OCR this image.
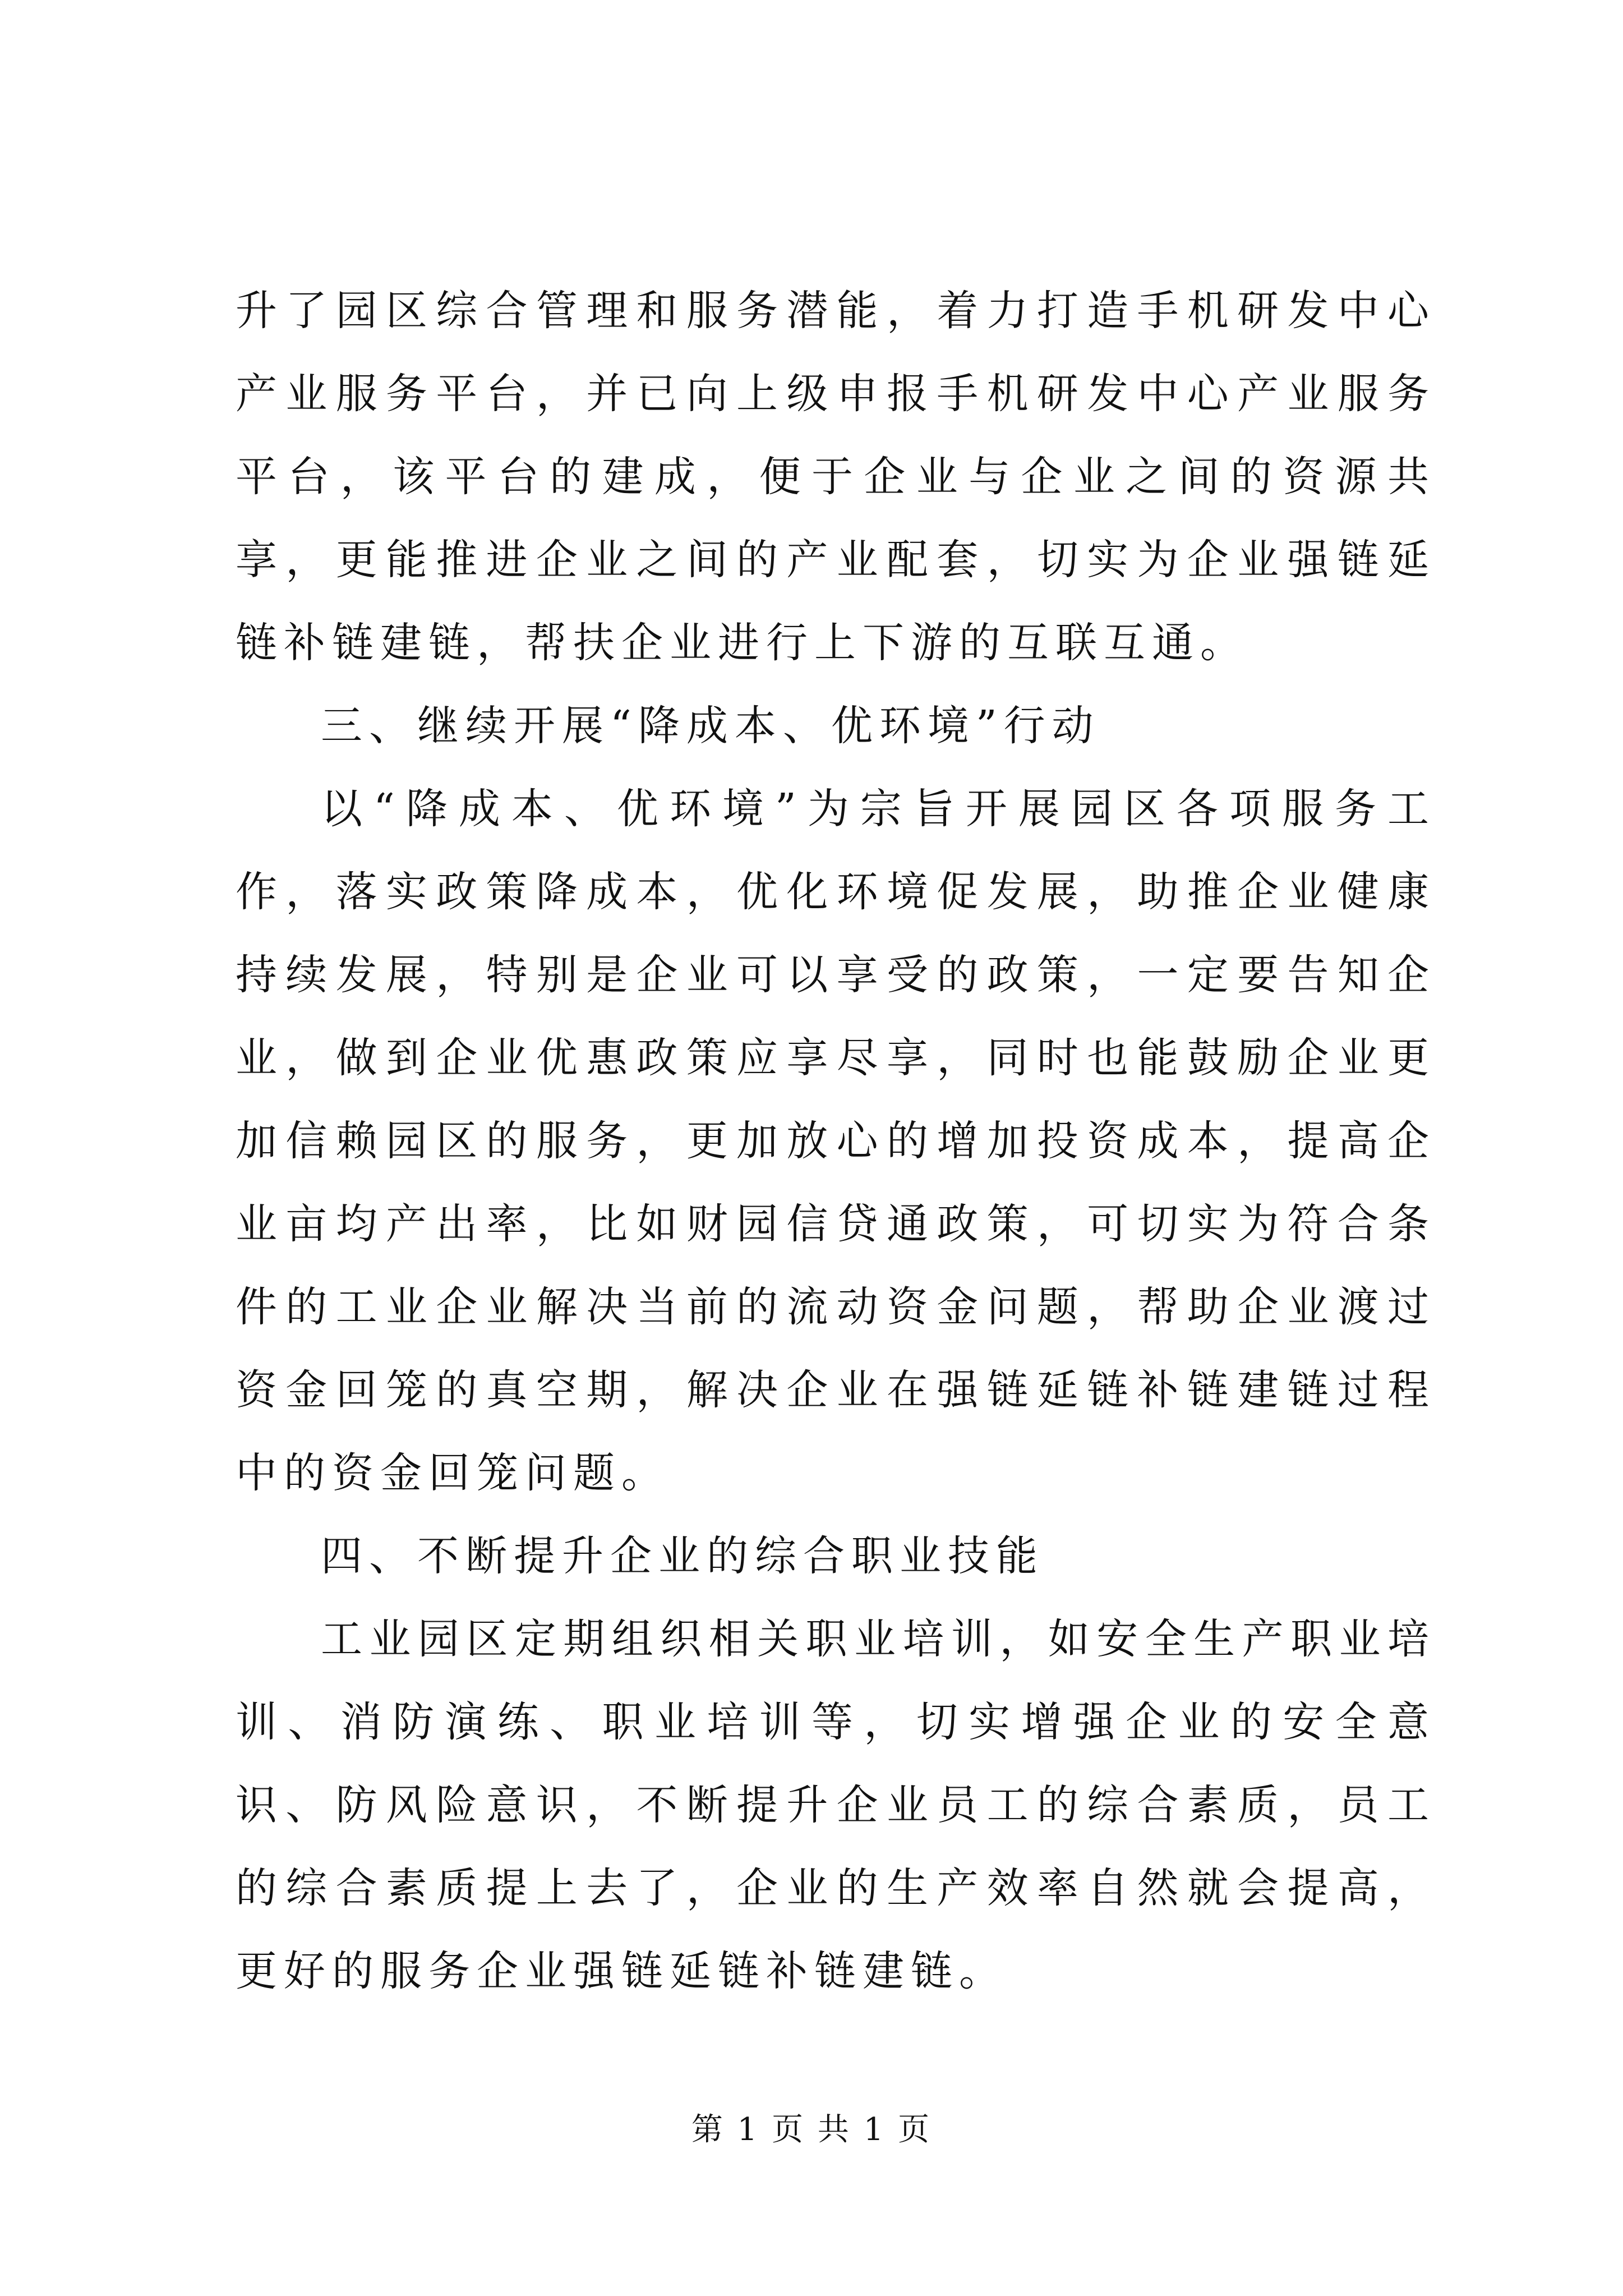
升了园区综合管理和服务潜能，着力打造手机研发中心产业服务平台，并已向上级申报手机研发中心产业服务平台，该平台的建成，便于企业与企业之间的资源共享，更能推进企业之间的产业配套，切实为企业强链延链补链建链，帮扶企业进行上下游的互联互通。

三、继续开展“降成本、优环境”行动

以“降成本、优环境”为宗旨开展园区各项服务工作，落实政策降成本，优化环境促发展，助推企业健康持续发展，特别是企业可以享受的政策，一定要告知企业，做到企业优惠政策应享尽享，同时也能鼓励企业更加信赖园区的服务，更加放心的增加投资成本，提高企业亩均产出率，比如财园信贷通政策，可切实为符合条件的工业企业解决当前的流动资金问题，帮助企业渡过资金回笼的真空期，解决企业在强链延链补链建链过程中的资金回笼问题。

四、不断提升企业的综合职业技能

工业园区定期组织相关职业培训，如安全生产职业培训、消防演练、职业培训等，切实增强企业的安全意识、防风险意识，不断提升企业员工的综合素质，员工的综合素质提上去了，企业的生产效率自然就会提高，更好的服务企业强链延链补链建链。

第 1 页 共 1 页
